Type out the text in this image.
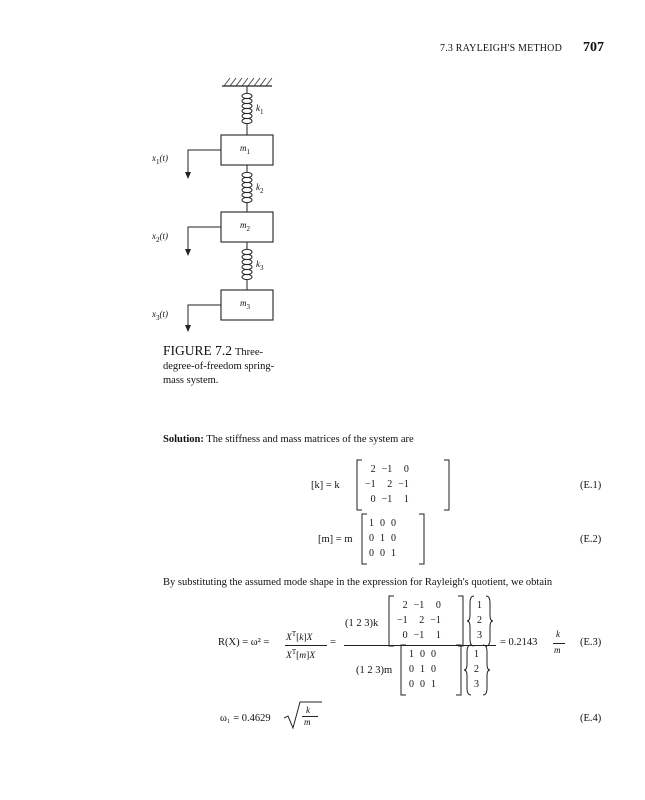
7.3 RAYLEIGH'S METHOD 707
$k_1$
$k_2$
$k_3$
$m_1$
$m_2$
$m_3$
$x_1(t)$
$x_2(t)$
$x_3(t)$
FIGURE 7.2 Three-degree-of-freedom spring-mass system.
Solution: The stiffness and mass matrices of the system are
[k] = k
2	−1	0
−1	2	−1
0	−1	1
(E.1)
[m] = m
1	0	0
0	1	0
0	0	1
(E.2)
By substituting the assumed mode shape in the expression for Rayleigh's quotient, we obtain
$R(X) = \omega^2 = X^T[k]X$
$X^T[m]X$
=
(1 2 3)k
2	−1	0
−1	2	−1
0	−1	1
1
2
3
(1 2 3)m
1	0	0
0	1	0
0	0	1
1
2
3
= 0.2143
k
m
(E.3)
ω₁ = 0.4629
k
m	(E.4)
